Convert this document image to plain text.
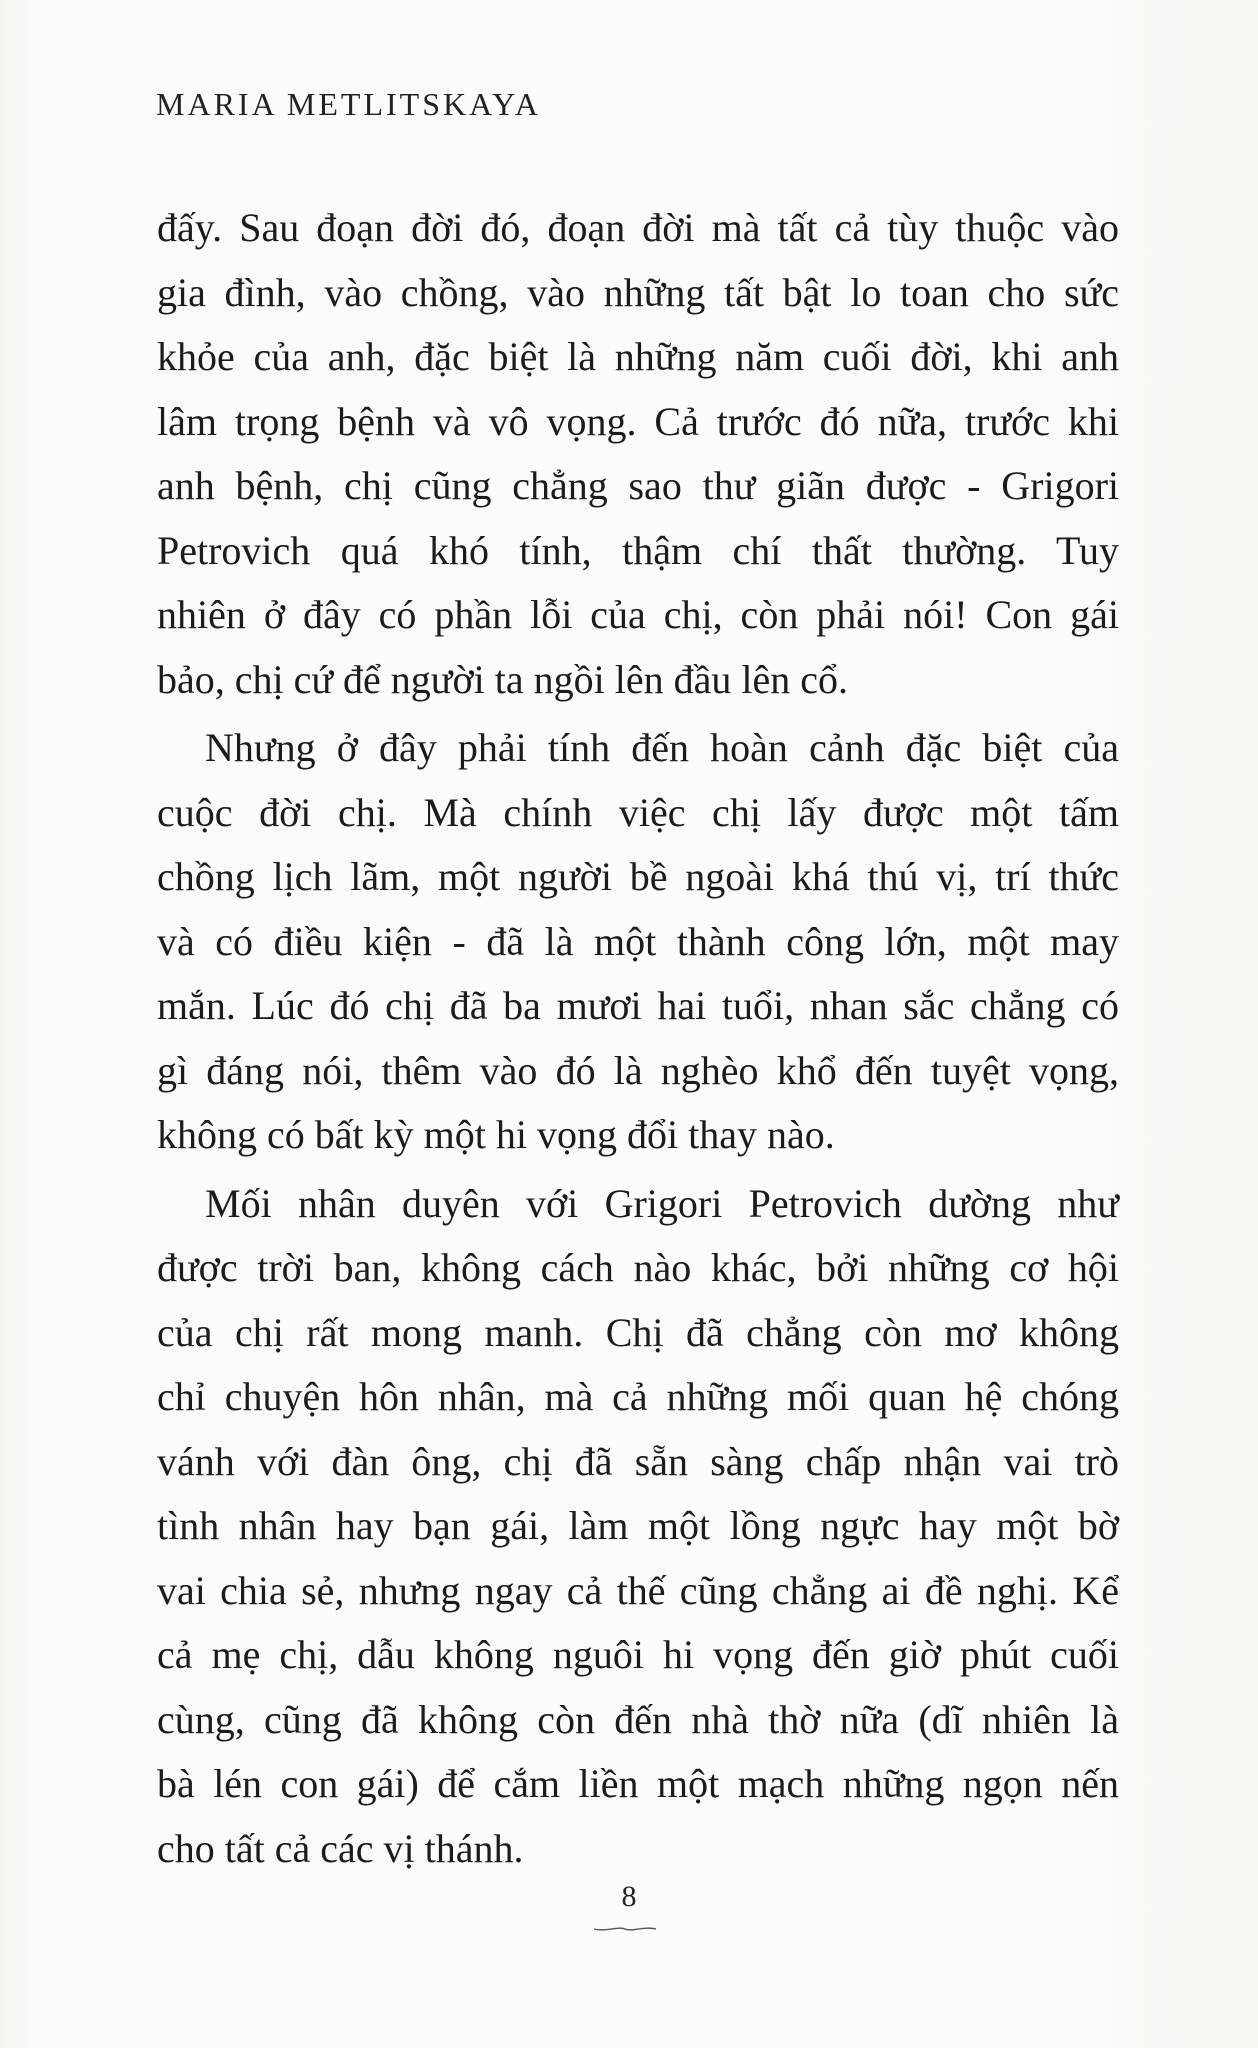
MARIA METLITSKAYA

đấy. Sau đoạn đời đó, đoạn đời mà tất cả tùy thuộc vào
gia đình, vào chồng, vào những tất bật lo toan cho sức
khỏe của anh, đặc biệt là những năm cuối đời, khi anh
lâm trọng bệnh và vô vọng. Cả trước đó nữa, trước khi
anh bệnh, chị cũng chẳng sao thư giãn được - Grigori
Petrovich quá khó tính, thậm chí thất thường. Tuy
nhiên ở đây có phần lỗi của chị, còn phải nói! Con gái
bảo, chị cứ để người ta ngồi lên đầu lên cổ.

Nhưng ở đây phải tính đến hoàn cảnh đặc biệt của
cuộc đời chị. Mà chính việc chị lấy được một tấm
chồng lịch lãm, một người bề ngoài khá thú vị, trí thức
và có điều kiện - đã là một thành công lớn, một may
mắn. Lúc đó chị đã ba mươi hai tuổi, nhan sắc chẳng có
gì đáng nói, thêm vào đó là nghèo khổ đến tuyệt vọng,
không có bất kỳ một hi vọng đổi thay nào.

Mối nhân duyên với Grigori Petrovich dường như
được trời ban, không cách nào khác, bởi những cơ hội
của chị rất mong manh. Chị đã chẳng còn mơ không
chỉ chuyện hôn nhân, mà cả những mối quan hệ chóng
vánh với đàn ông, chị đã sẵn sàng chấp nhận vai trò
tình nhân hay bạn gái, làm một lồng ngực hay một bờ
vai chia sẻ, nhưng ngay cả thế cũng chẳng ai đề nghị. Kể
cả mẹ chị, dẫu không nguôi hi vọng đến giờ phút cuối
cùng, cũng đã không còn đến nhà thờ nữa (dĩ nhiên là
bà lén con gái) để cắm liền một mạch những ngọn nến
cho tất cả các vị thánh.

8
